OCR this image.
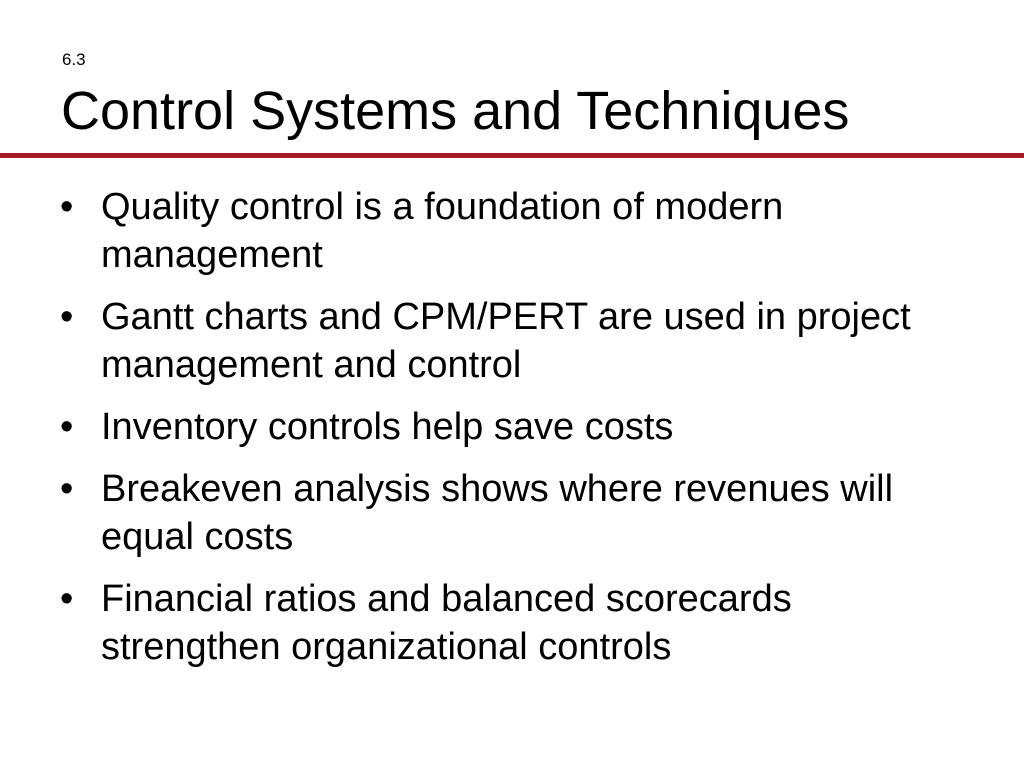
6.3
Control Systems and Techniques
• Quality control is a foundation of modern management
• Gantt charts and CPM/PERT are used in project management and control
• Inventory controls help save costs
• Breakeven analysis shows where revenues will equal costs
• Financial ratios and balanced scorecards strengthen organizational controls
